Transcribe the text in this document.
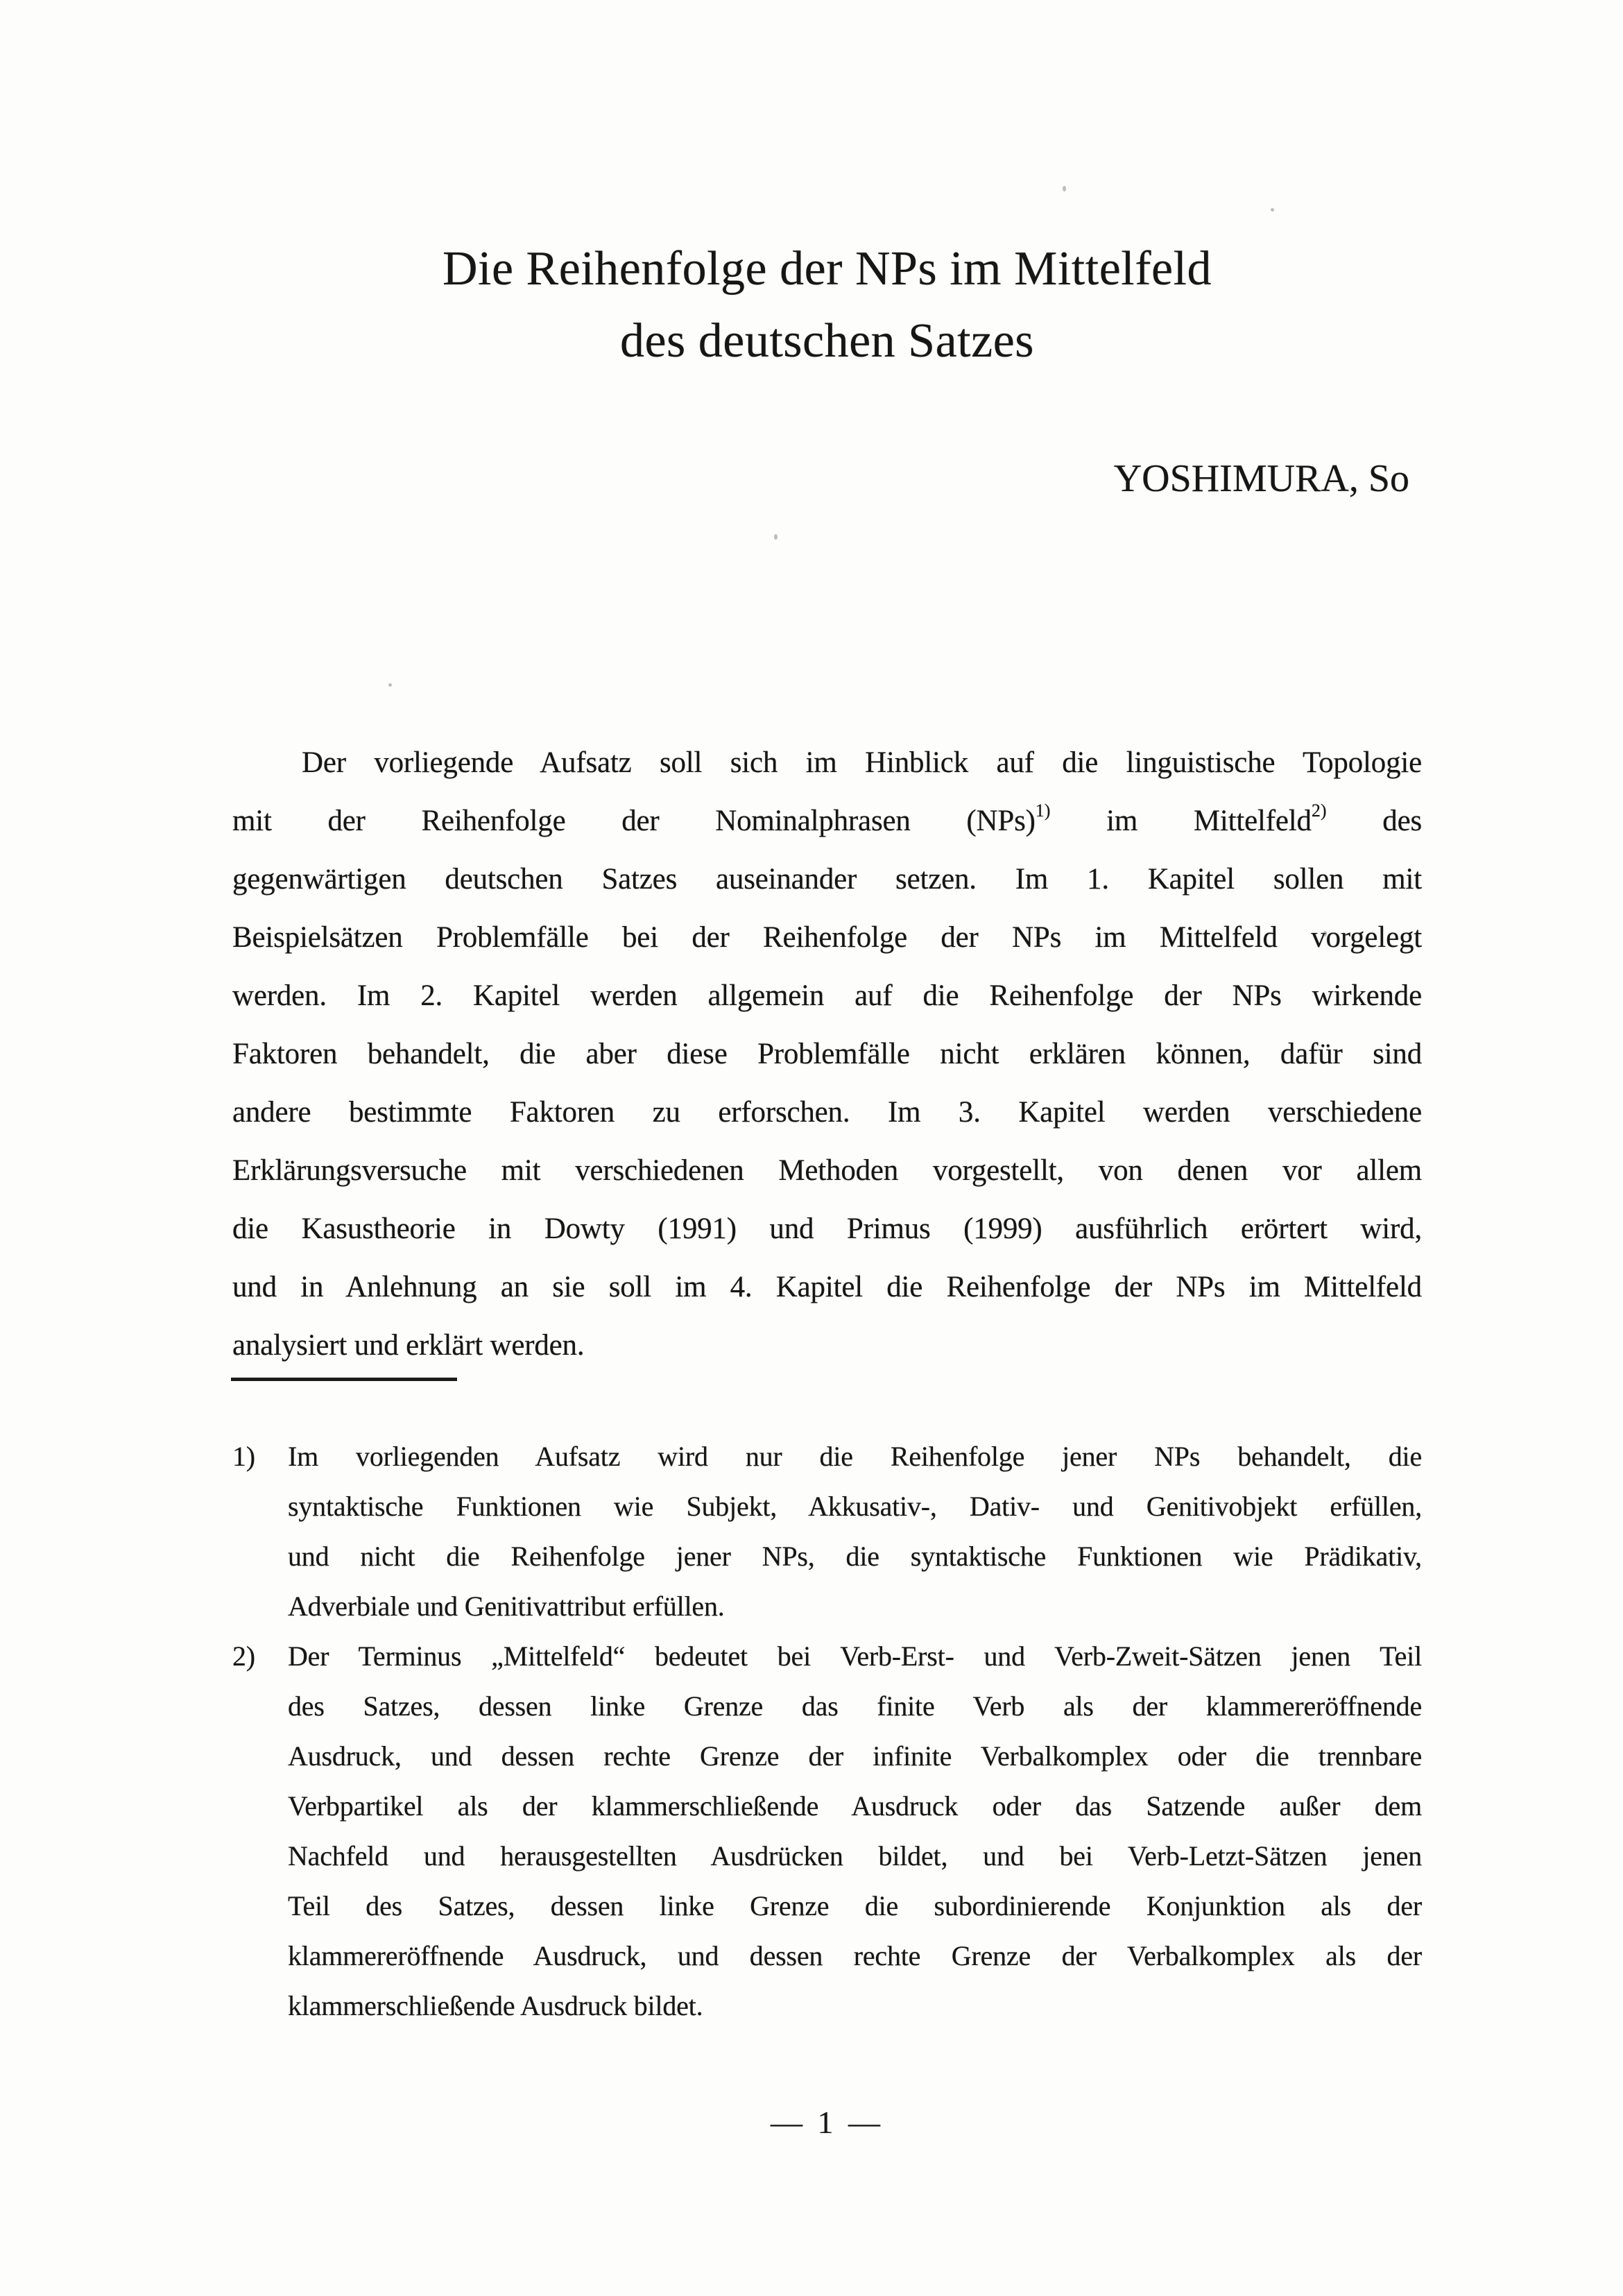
Die Reihenfolge der NPs im Mittelfeld
des deutschen Satzes
YOSHIMURA, So
Der vorliegende Aufsatz soll sich im Hinblick auf die linguistische Topologie
mit der Reihenfolge der Nominalphrasen (NPs)$^{1)}$ im Mittelfeld$^{2)}$ des
gegenwärtigen deutschen Satzes auseinander setzen. Im 1. Kapitel sollen mit
Beispielsätzen Problemfälle bei der Reihenfolge der NPs im Mittelfeld vorgelegt
werden. Im 2. Kapitel werden allgemein auf die Reihenfolge der NPs wirkende
Faktoren behandelt, die aber diese Problemfälle nicht erklären können, dafür sind
andere bestimmte Faktoren zu erforschen. Im 3. Kapitel werden verschiedene
Erklärungsversuche mit verschiedenen Methoden vorgestellt, von denen vor allem
die Kasustheorie in Dowty (1991) und Primus (1999) ausführlich erörtert wird,
und in Anlehnung an sie soll im 4. Kapitel die Reihenfolge der NPs im Mittelfeld
analysiert und erklärt werden.
1) Im vorliegenden Aufsatz wird nur die Reihenfolge jener NPs behandelt, die
syntaktische Funktionen wie Subjekt, Akkusativ-, Dativ- und Genitivobjekt erfüllen,
und nicht die Reihenfolge jener NPs, die syntaktische Funktionen wie Prädikativ,
Adverbiale und Genitivattribut erfüllen.
2) Der Terminus „Mittelfeld“ bedeutet bei Verb-Erst- und Verb-Zweit-Sätzen jenen Teil
des Satzes, dessen linke Grenze das finite Verb als der klammereröffnende
Ausdruck, und dessen rechte Grenze der infinite Verbalkomplex oder die trennbare
Verbpartikel als der klammerschließende Ausdruck oder das Satzende außer dem
Nachfeld und herausgestellten Ausdrücken bildet, und bei Verb-Letzt-Sätzen jenen
Teil des Satzes, dessen linke Grenze die subordinierende Konjunktion als der
klammereröffnende Ausdruck, und dessen rechte Grenze der Verbalkomplex als der
klammerschließende Ausdruck bildet.
— 1 —
